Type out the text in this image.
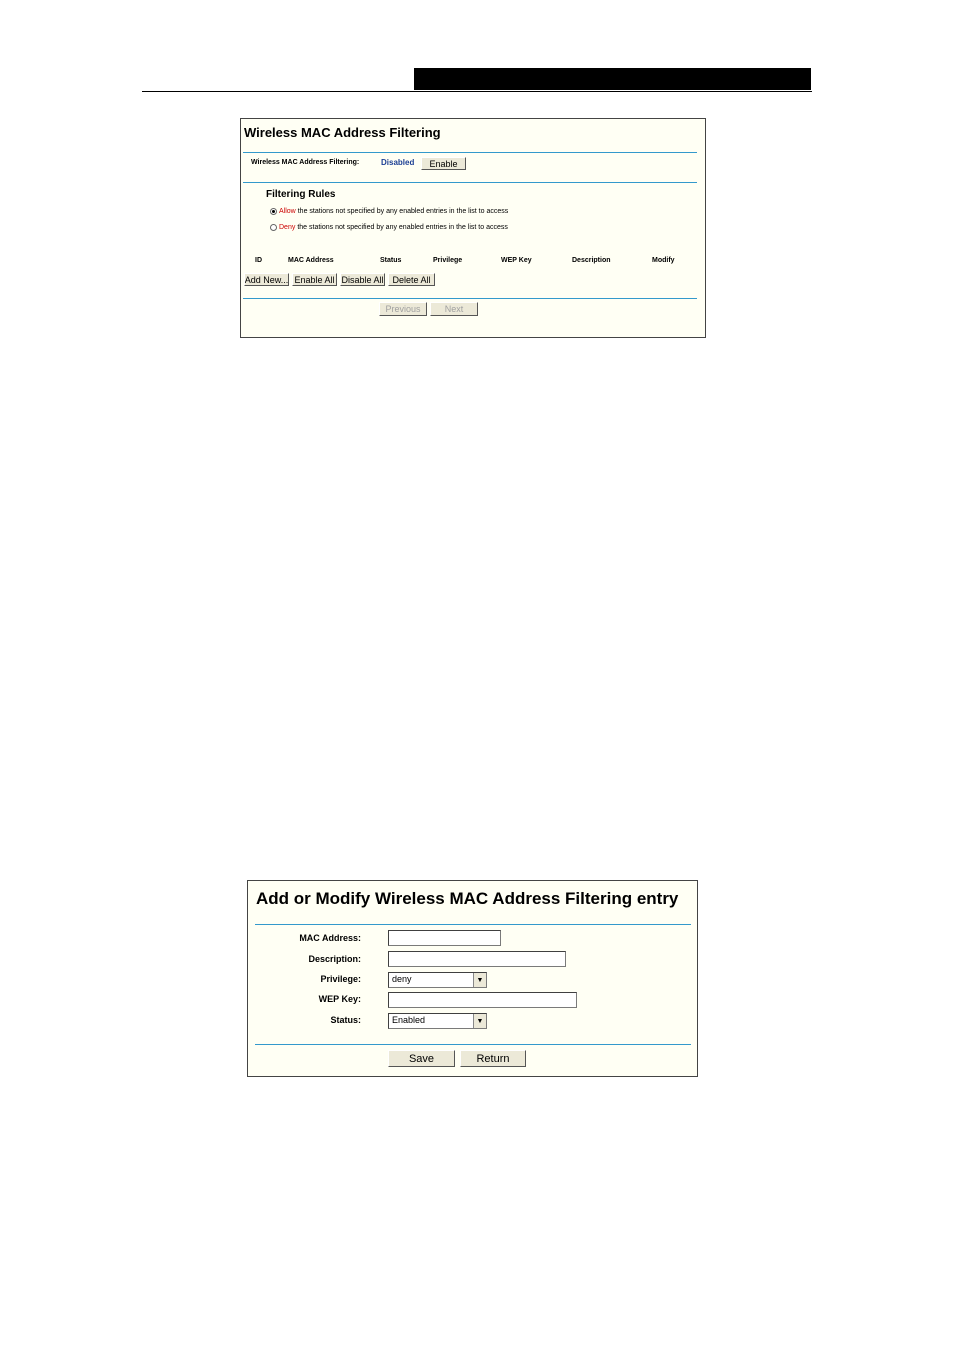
Wireless MAC Address Filtering
Wireless MAC Address Filtering:	Disabled	Enable
Filtering Rules
Allow the stations not specified by any enabled entries in the list to access
Deny the stations not specified by any enabled entries in the list to access
ID	MAC Address	Status	Privilege	WEP Key	Description	Modify
Add New... Enable All Disable All Delete All
Previous	Next
Add or Modify Wireless MAC Address Filtering entry
MAC Address:
Description:
Privilege:	deny	▼
WEP Key:
Status:	Enabled	▼
Save	Return
